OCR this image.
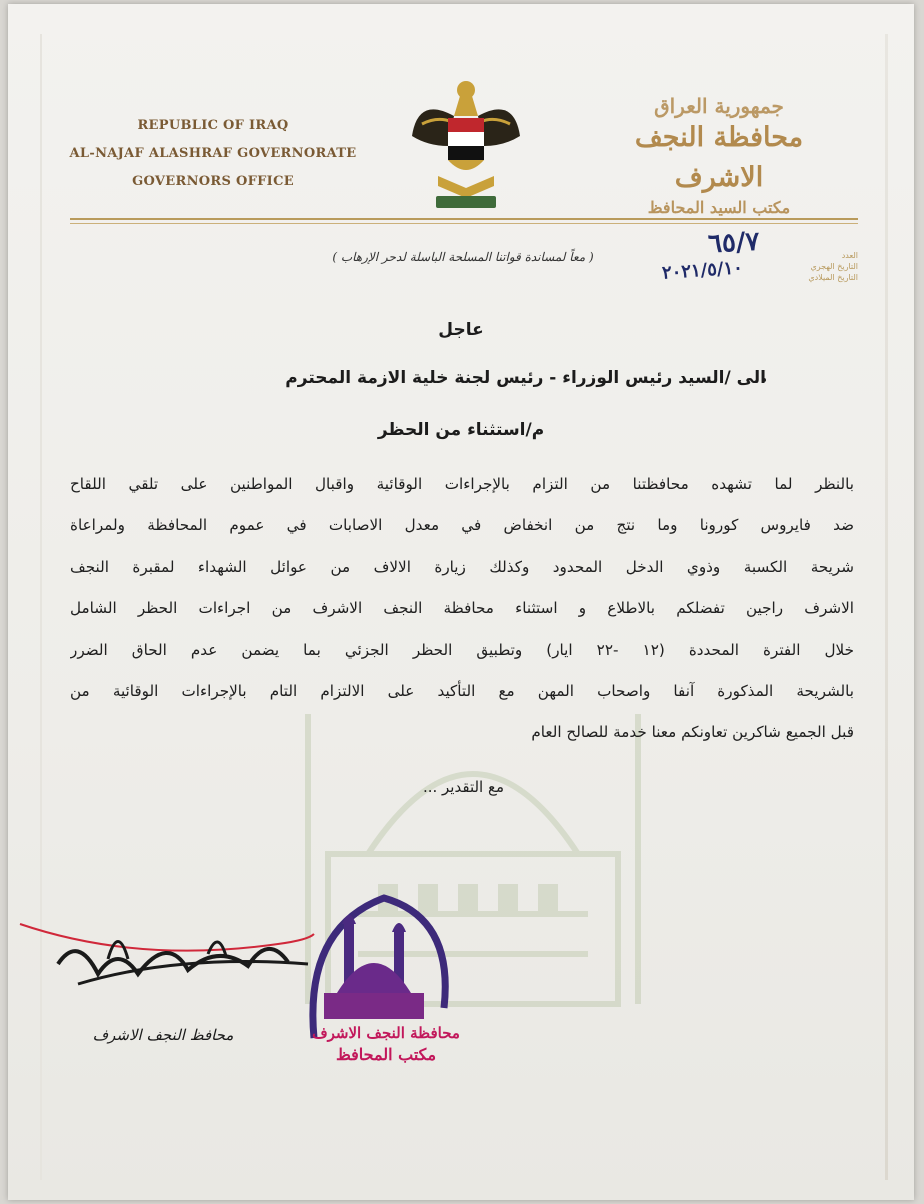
REPUBLIC OF IRAQ
AL-NAJAF ALASHRAF GOVERNORATE
GOVERNORS OFFICE
جمهورية العراق
محافظة النجف الاشرف
مكتب السيد المحافظ
( معاً لمساندة قواتنا المسلحة الباسلة لدحر الإرهاب )	العدد
التاريخ الهجري
التاريخ الميلادي
٦٥/٧
٢٠٢١/٥/١٠
عاجل
الى /السيد رئيس الوزراء - رئيس لجنة خلية الازمة المحترم
م/استثناء من الحظر

بالنظر لما تشهده محافظتنا من التزام بالإجراءات الوقائية واقبال المواطنين على تلقي اللقاح

ضد فايروس كورونا وما نتج من انخفاض في معدل الاصابات في عموم المحافظة ولمراعاة

شريحة الكسبة وذوي الدخل المحدود وكذلك زيارة الالاف من عوائل الشهداء لمقبرة النجف

الاشرف راجين تفضلكم بالاطلاع و استثناء محافظة النجف الاشرف من اجراءات الحظر الشامل

خلال الفترة المحددة (١٢ -٢٢ ايار) وتطبيق الحظر الجزئي بما يضمن عدم الحاق الضرر

بالشريحة المذكورة آنفا واصحاب المهن مع التأكيد على الالتزام التام بالإجراءات الوقائية من

قبل الجميع شاكرين تعاونكم معنا خدمة للصالح العام

مع التقدير ...
محافظة النجف الاشرف
مكتب المحافظ
محافظ النجف الاشرف
